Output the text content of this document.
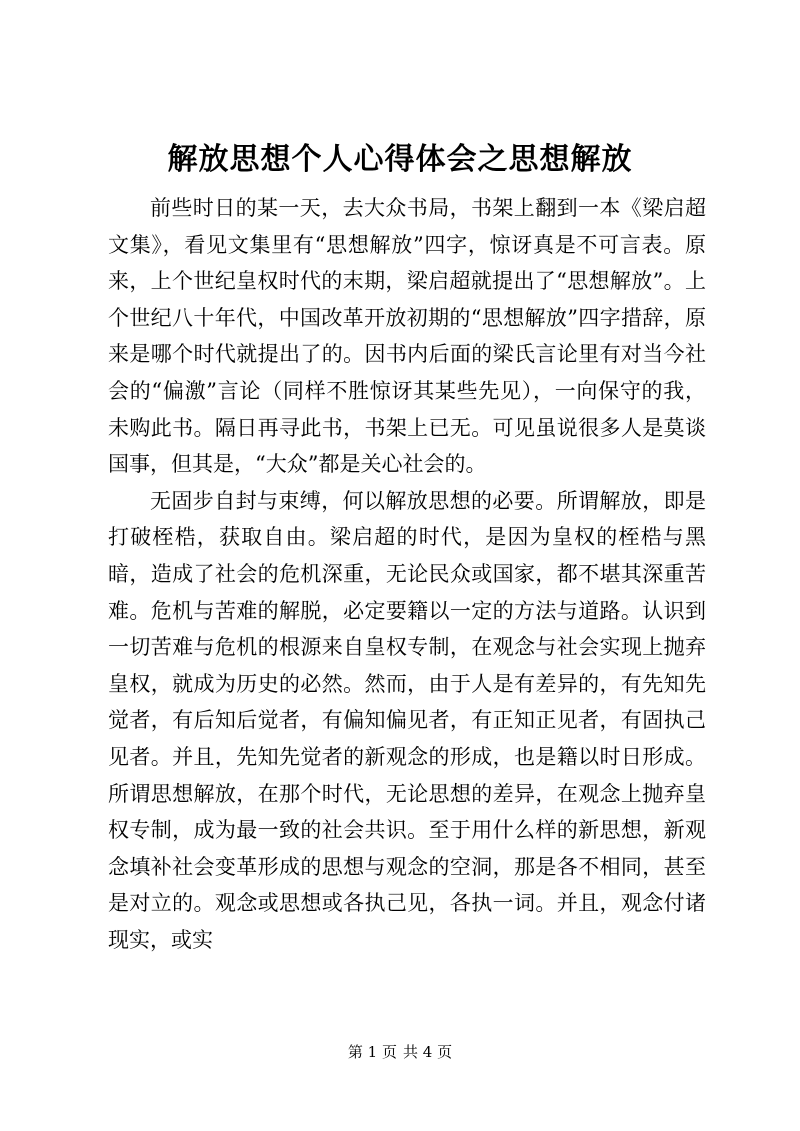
解放思想个人心得体会之思想解放

前些时日的某一天，去大众书局，书架上翻到一本《梁启超文集》，看见文集里有“思想解放”四字，惊讶真是不可言表。原来，上个世纪皇权时代的末期，梁启超就提出了“思想解放”。上个世纪八十年代，中国改革开放初期的“思想解放”四字措辞，原来是哪个时代就提出了的。因书内后面的梁氏言论里有对当今社会的“偏激”言论（同样不胜惊讶其某些先见），一向保守的我，未购此书。隔日再寻此书，书架上已无。可见虽说很多人是莫谈国事，但其是，“大众”都是关心社会的。

无固步自封与束缚，何以解放思想的必要。所谓解放，即是打破桎梏，获取自由。梁启超的时代，是因为皇权的桎梏与黑暗，造成了社会的危机深重，无论民众或国家，都不堪其深重苦难。危机与苦难的解脱，必定要籍以一定的方法与道路。认识到一切苦难与危机的根源来自皇权专制，在观念与社会实现上抛弃皇权，就成为历史的必然。然而，由于人是有差异的，有先知先觉者，有后知后觉者，有偏知偏见者，有正知正见者，有固执己见者。并且，先知先觉者的新观念的形成，也是籍以时日形成。所谓思想解放，在那个时代，无论思想的差异，在观念上抛弃皇权专制，成为最一致的社会共识。至于用什么样的新思想，新观念填补社会变革形成的思想与观念的空洞，那是各不相同，甚至是对立的。观念或思想或各执己见，各执一词。并且，观念付诸现实，或实

第 1 页 共 4 页
